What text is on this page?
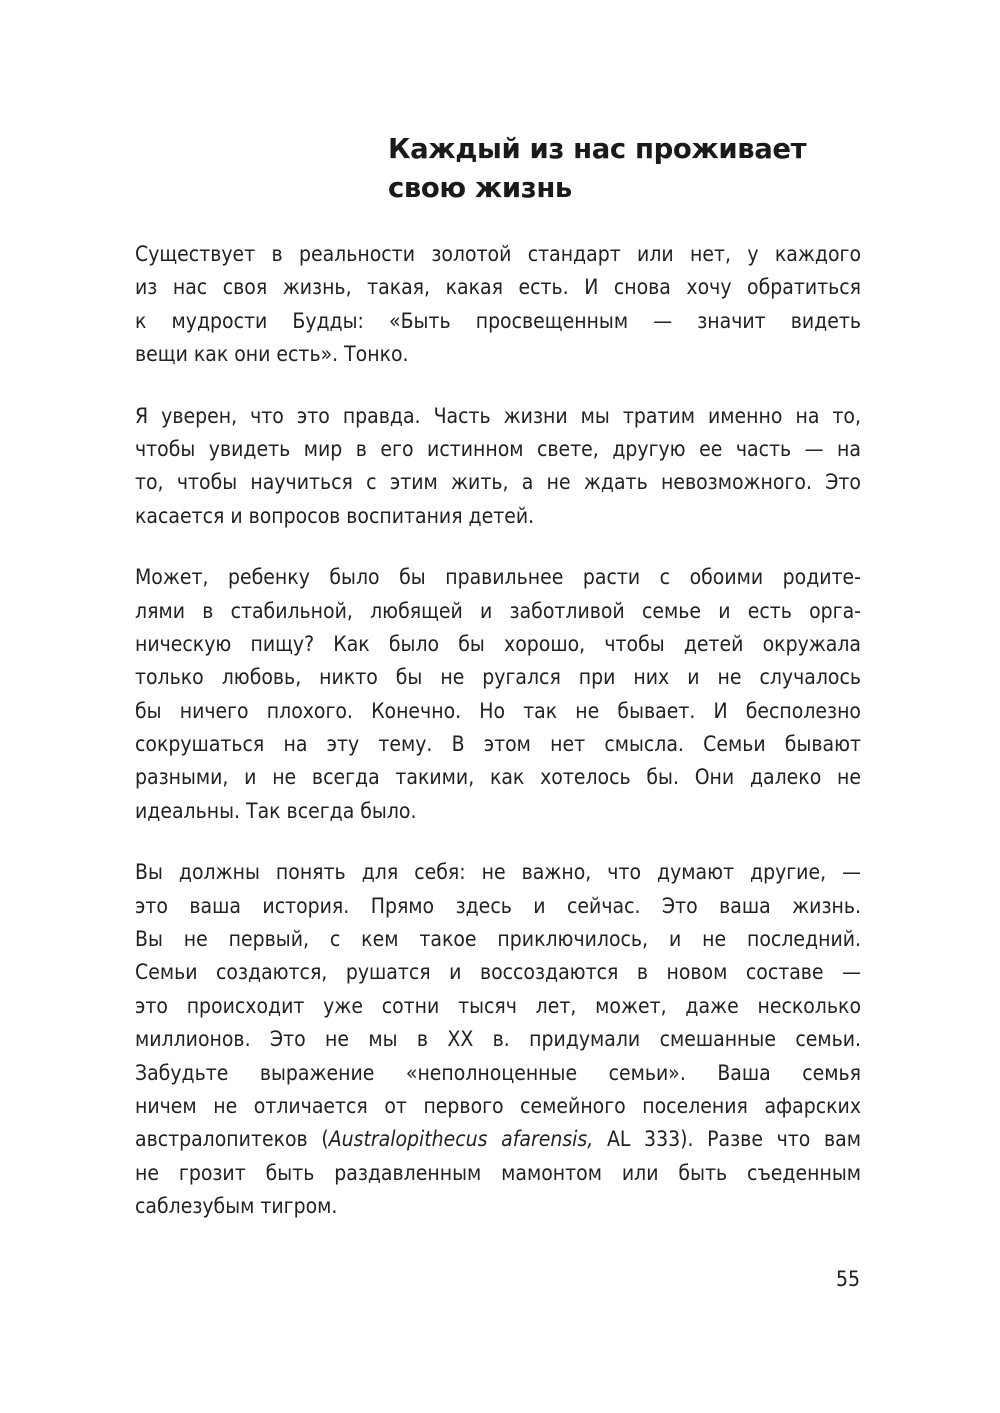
Каждый из нас проживает
свою жизнь

Существует в реальности золотой стандарт или нет, у каждого
из нас своя жизнь, такая, какая есть. И снова хочу обратиться
к мудрости Будды: «Быть просвещенным — значит видеть
вещи как они есть». Тонко.

Я уверен, что это правда. Часть жизни мы тратим именно на то,
чтобы увидеть мир в его истинном свете, другую ее часть — на
то, чтобы научиться с этим жить, а не ждать невозможного. Это
касается и вопросов воспитания детей.

Может, ребенку было бы правильнее расти с обоими родите-
лями в стабильной, любящей и заботливой семье и есть орга-
ническую пищу? Как было бы хорошо, чтобы детей окружала
только любовь, никто бы не ругался при них и не случалось
бы ничего плохого. Конечно. Но так не бывает. И бесполезно
сокрушаться на эту тему. В этом нет смысла. Семьи бывают
разными, и не всегда такими, как хотелось бы. Они далеко не
идеальны. Так всегда было.

Вы должны понять для себя: не важно, что думают другие, —
это ваша история. Прямо здесь и сейчас. Это ваша жизнь.
Вы не первый, с кем такое приключилось, и не последний.
Семьи создаются, рушатся и воссоздаются в новом составе —
это происходит уже сотни тысяч лет, может, даже несколько
миллионов. Это не мы в XX в. придумали смешанные семьи.
Забудьте выражение «неполноценные семьи». Ваша семья
ничем не отличается от первого семейного поселения афарских
австралопитеков (Australopithecus afarensis, AL 333). Разве что вам
не грозит быть раздавленным мамонтом или быть съеденным
саблезубым тигром.

55
